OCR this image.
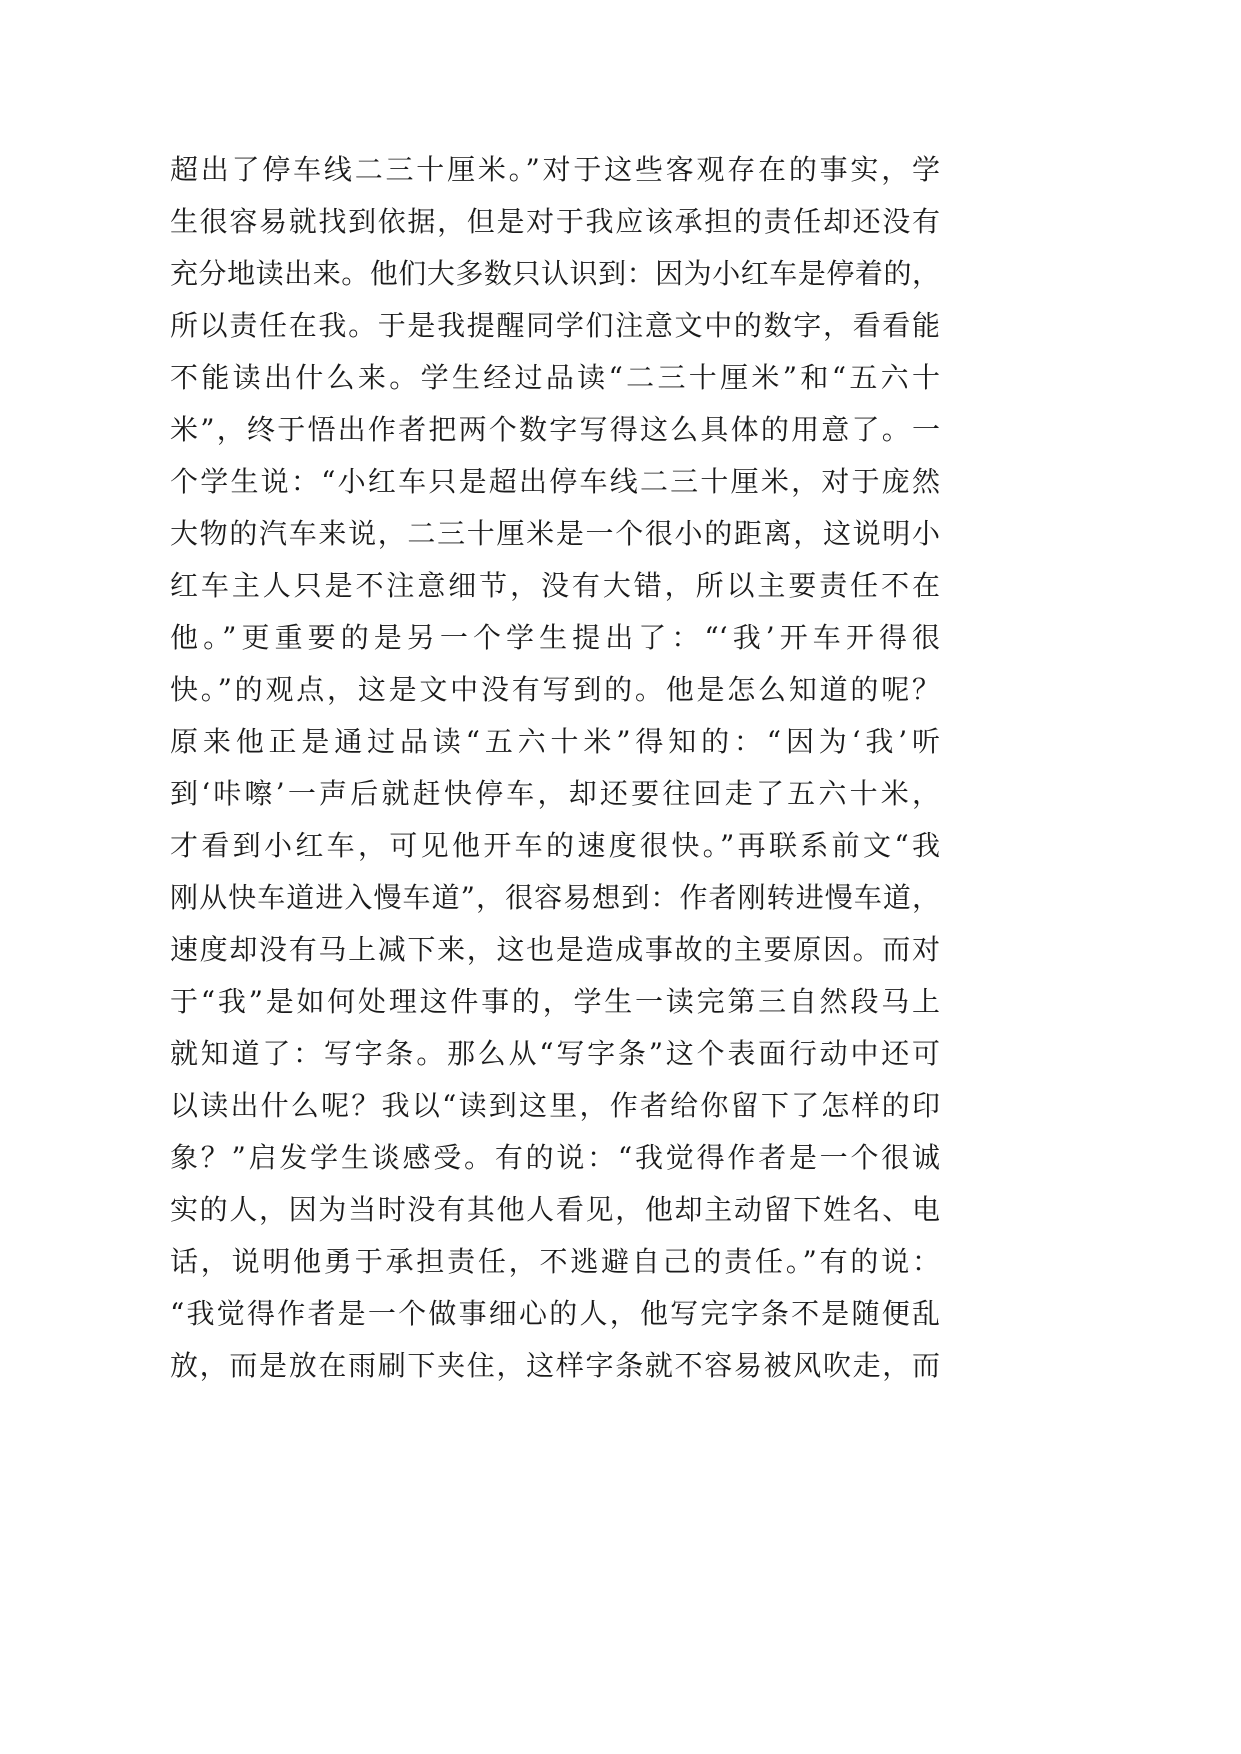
超出了停车线二三十厘米。”对于这些客观存在的事实，学
生很容易就找到依据，但是对于我应该承担的责任却还没有
充分地读出来。他们大多数只认识到：因为小红车是停着的，
所以责任在我。于是我提醒同学们注意文中的数字，看看能
不能读出什么来。学生经过品读“二三十厘米”和“五六十
米”，终于悟出作者把两个数字写得这么具体的用意了。一
个学生说：“小红车只是超出停车线二三十厘米，对于庞然
大物的汽车来说，二三十厘米是一个很小的距离，这说明小
红车主人只是不注意细节，没有大错，所以主要责任不在
他。”更重要的是另一个学生提出了：“‘我’开车开得很
快。”的观点，这是文中没有写到的。他是怎么知道的呢？
原来他正是通过品读“五六十米”得知的：“因为‘我’听
到‘咔嚓’一声后就赶快停车，却还要往回走了五六十米，
才看到小红车，可见他开车的速度很快。”再联系前文“我
刚从快车道进入慢车道”，很容易想到：作者刚转进慢车道，
速度却没有马上减下来，这也是造成事故的主要原因。而对
于“我”是如何处理这件事的，学生一读完第三自然段马上
就知道了：写字条。那么从“写字条”这个表面行动中还可
以读出什么呢？我以“读到这里，作者给你留下了怎样的印
象？”启发学生谈感受。有的说：“我觉得作者是一个很诚
实的人，因为当时没有其他人看见，他却主动留下姓名、电
话，说明他勇于承担责任，不逃避自己的责任。”有的说：
“我觉得作者是一个做事细心的人，他写完字条不是随便乱
放，而是放在雨刷下夹住，这样字条就不容易被风吹走，而
